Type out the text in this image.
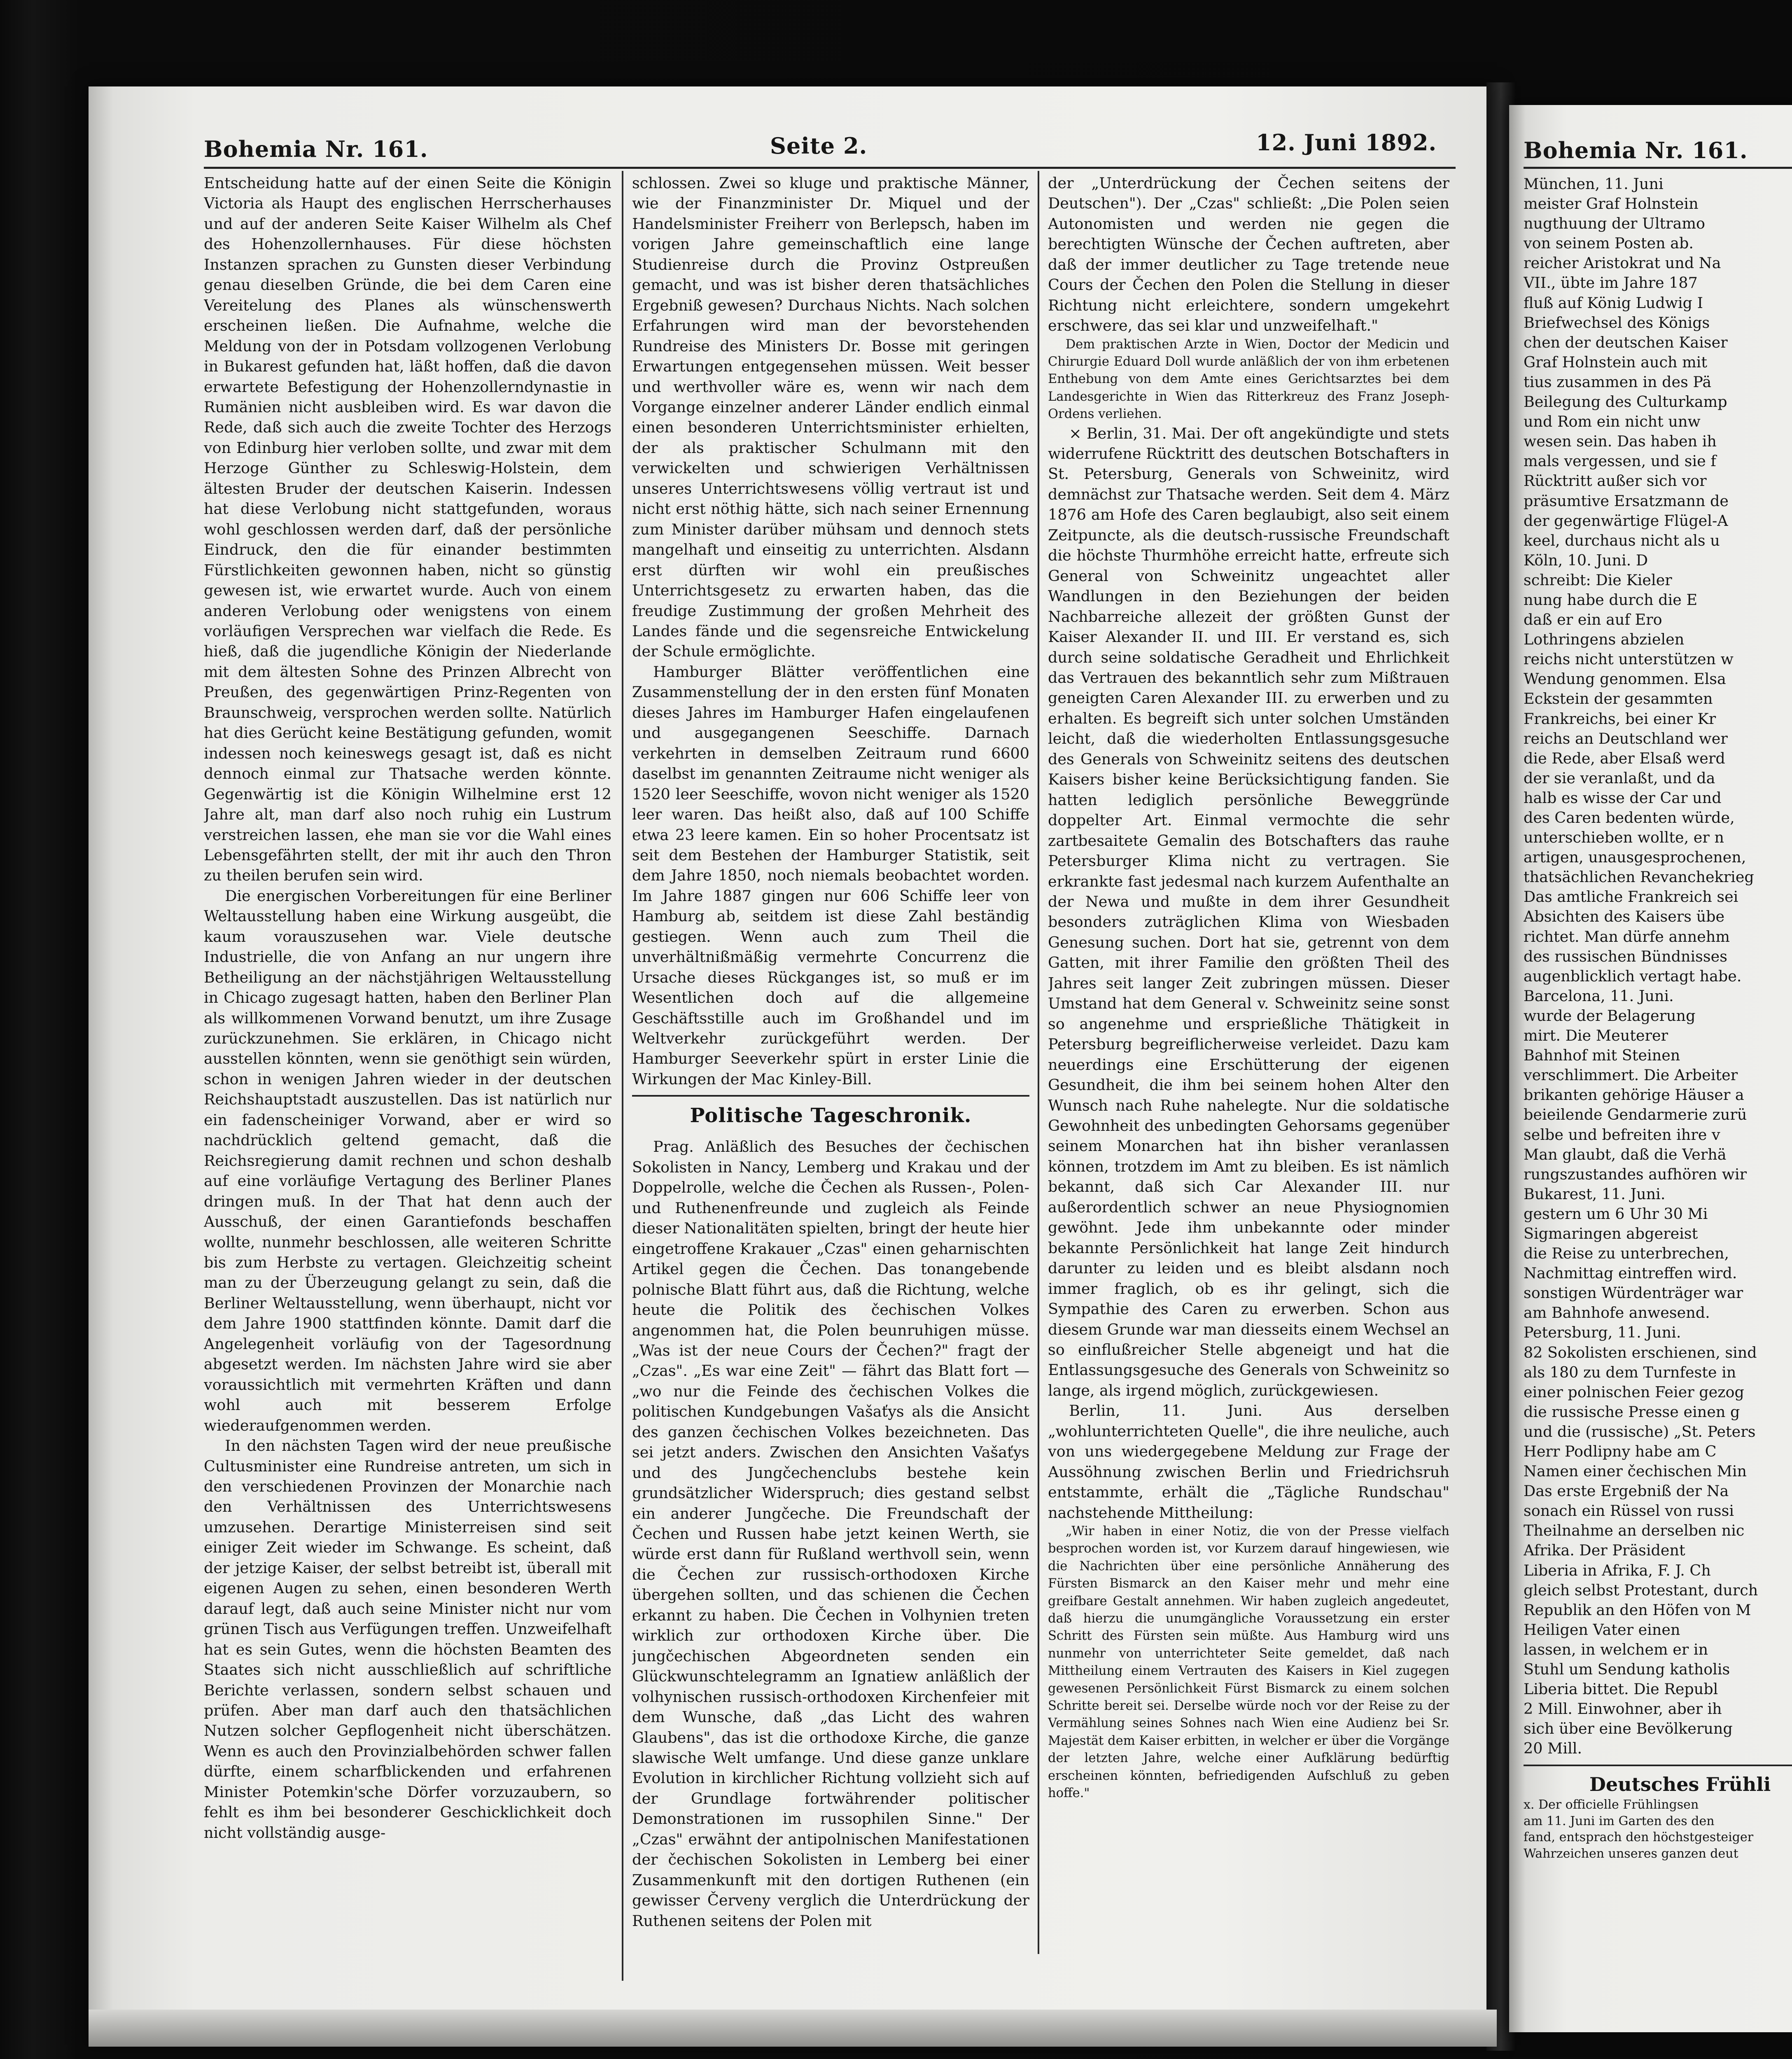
Bohemia Nr. 161.	Seite 2.	12. Juni 1892.

Entscheidung hatte auf der einen Seite die Königin Victoria als Haupt des englischen Herrscherhauses und auf der anderen Seite Kaiser Wilhelm als Chef des Hohenzollernhauses. Für diese höchsten Instanzen sprachen zu Gunsten dieser Verbindung genau dieselben Gründe, die bei dem Caren eine Vereitelung des Planes als wünschenswerth erscheinen ließen. Die Aufnahme, welche die Meldung von der in Potsdam vollzogenen Verlobung in Bukarest gefunden hat, läßt hoffen, daß die davon erwartete Befestigung der Hohenzollerndynastie in Rumänien nicht ausbleiben wird. Es war davon die Rede, daß sich auch die zweite Tochter des Herzogs von Edinburg hier verloben sollte, und zwar mit dem Herzoge Günther zu Schleswig-Holstein, dem ältesten Bruder der deutschen Kaiserin. Indessen hat diese Verlobung nicht stattgefunden, woraus wohl geschlossen werden darf, daß der persönliche Eindruck, den die für einander bestimmten Fürstlichkeiten gewonnen haben, nicht so günstig gewesen ist, wie erwartet wurde. Auch von einem anderen Verlobung oder wenigstens von einem vorläufigen Versprechen war vielfach die Rede. Es hieß, daß die jugendliche Königin der Niederlande mit dem ältesten Sohne des Prinzen Albrecht von Preußen, des gegenwärtigen Prinz-Regenten von Braunschweig, versprochen werden sollte. Natürlich hat dies Gerücht keine Bestätigung gefunden, womit indessen noch keineswegs gesagt ist, daß es nicht dennoch einmal zur Thatsache werden könnte. Gegenwärtig ist die Königin Wilhelmine erst 12 Jahre alt, man darf also noch ruhig ein Lustrum verstreichen lassen, ehe man sie vor die Wahl eines Lebensgefährten stellt, der mit ihr auch den Thron zu theilen berufen sein wird.

Die energischen Vorbereitungen für eine Berliner Weltausstellung haben eine Wirkung ausgeübt, die kaum vorauszusehen war. Viele deutsche Industrielle, die von Anfang an nur ungern ihre Betheiligung an der nächstjährigen Weltausstellung in Chicago zugesagt hatten, haben den Berliner Plan als willkommenen Vorwand benutzt, um ihre Zusage zurückzunehmen. Sie erklären, in Chicago nicht ausstellen könnten, wenn sie genöthigt sein würden, schon in wenigen Jahren wieder in der deutschen Reichshauptstadt auszustellen. Das ist natürlich nur ein fadenscheiniger Vorwand, aber er wird so nachdrücklich geltend gemacht, daß die Reichsregierung damit rechnen und schon deshalb auf eine vorläufige Vertagung des Berliner Planes dringen muß. In der That hat denn auch der Ausschuß, der einen Garantiefonds beschaffen wollte, nunmehr beschlossen, alle weiteren Schritte bis zum Herbste zu vertagen. Gleichzeitig scheint man zu der Überzeugung gelangt zu sein, daß die Berliner Weltausstellung, wenn überhaupt, nicht vor dem Jahre 1900 stattfinden könnte. Damit darf die Angelegenheit vorläufig von der Tagesordnung abgesetzt werden. Im nächsten Jahre wird sie aber voraussichtlich mit vermehrten Kräften und dann wohl auch mit besserem Erfolge wiederaufgenommen werden.

In den nächsten Tagen wird der neue preußische Cultusminister eine Rundreise antreten, um sich in den verschiedenen Provinzen der Monarchie nach den Verhältnissen des Unterrichtswesens umzusehen. Derartige Ministerreisen sind seit einiger Zeit wieder im Schwange. Es scheint, daß der jetzige Kaiser, der selbst betreibt ist, überall mit eigenen Augen zu sehen, einen besonderen Werth darauf legt, daß auch seine Minister nicht nur vom grünen Tisch aus Verfügungen treffen. Unzweifelhaft hat es sein Gutes, wenn die höchsten Beamten des Staates sich nicht ausschließlich auf schriftliche Berichte verlassen, sondern selbst schauen und prüfen. Aber man darf auch den thatsächlichen Nutzen solcher Gepflogenheit nicht überschätzen. Wenn es auch den Provinzialbehörden schwer fallen dürfte, einem scharfblickenden und erfahrenen Minister Potemkin'sche Dörfer vorzuzaubern, so fehlt es ihm bei besonderer Geschicklichkeit doch nicht vollständig ausge-

schlossen. Zwei so kluge und praktische Männer, wie der Finanzminister Dr. Miquel und der Handelsminister Freiherr von Berlepsch, haben im vorigen Jahre gemeinschaftlich eine lange Studienreise durch die Provinz Ostpreußen gemacht, und was ist bisher deren thatsächliches Ergebniß gewesen? Durchaus Nichts. Nach solchen Erfahrungen wird man der bevorstehenden Rundreise des Ministers Dr. Bosse mit geringen Erwartungen entgegensehen müssen. Weit besser und werthvoller wäre es, wenn wir nach dem Vorgange einzelner anderer Länder endlich einmal einen besonderen Unterrichtsminister erhielten, der als praktischer Schulmann mit den verwickelten und schwierigen Verhältnissen unseres Unterrichtswesens völlig vertraut ist und nicht erst nöthig hätte, sich nach seiner Ernennung zum Minister darüber mühsam und dennoch stets mangelhaft und einseitig zu unterrichten. Alsdann erst dürften wir wohl ein preußisches Unterrichtsgesetz zu erwarten haben, das die freudige Zustimmung der großen Mehrheit des Landes fände und die segensreiche Entwickelung der Schule ermöglichte.

Hamburger Blätter veröffentlichen eine Zusammenstellung der in den ersten fünf Monaten dieses Jahres im Hamburger Hafen eingelaufenen und ausgegangenen Seeschiffe. Darnach verkehrten in demselben Zeitraum rund 6600 daselbst im genannten Zeitraume nicht weniger als 1520 leer Seeschiffe, wovon nicht weniger als 1520 leer waren. Das heißt also, daß auf 100 Schiffe etwa 23 leere kamen. Ein so hoher Procentsatz ist seit dem Bestehen der Hamburger Statistik, seit dem Jahre 1850, noch niemals beobachtet worden. Im Jahre 1887 gingen nur 606 Schiffe leer von Hamburg ab, seitdem ist diese Zahl beständig gestiegen. Wenn auch zum Theil die unverhältnißmäßig vermehrte Concurrenz die Ursache dieses Rückganges ist, so muß er im Wesentlichen doch auf die allgemeine Geschäftsstille auch im Großhandel und im Weltverkehr zurückgeführt werden. Der Hamburger Seeverkehr spürt in erster Linie die Wirkungen der Mac Kinley-Bill.

Politische Tageschronik.

Prag. Anläßlich des Besuches der čechischen Sokolisten in Nancy, Lemberg und Krakau und der Doppelrolle, welche die Čechen als Russen-, Polen- und Ruthenenfreunde und zugleich als Feinde dieser Nationalitäten spielten, bringt der heute hier eingetroffene Krakauer „Czas" einen geharnischten Artikel gegen die Čechen. Das tonangebende polnische Blatt führt aus, daß die Richtung, welche heute die Politik des čechischen Volkes angenommen hat, die Polen beunruhigen müsse. „Was ist der neue Cours der Čechen?" fragt der „Czas". „Es war eine Zeit" — fährt das Blatt fort — „wo nur die Feinde des čechischen Volkes die politischen Kundgebungen Vašaťys als die Ansicht des ganzen čechischen Volkes bezeichneten. Das sei jetzt anders. Zwischen den Ansichten Vašaťys und des Jungčechenclubs bestehe kein grundsätzlicher Widerspruch; dies gestand selbst ein anderer Jungčeche. Die Freundschaft der Čechen und Russen habe jetzt keinen Werth, sie würde erst dann für Rußland werthvoll sein, wenn die Čechen zur russisch-orthodoxen Kirche übergehen sollten, und das schienen die Čechen erkannt zu haben. Die Čechen in Volhynien treten wirklich zur orthodoxen Kirche über. Die jungčechischen Abgeordneten senden ein Glückwunschtelegramm an Ignatiew anläßlich der volhynischen russisch-orthodoxen Kirchenfeier mit dem Wunsche, daß „das Licht des wahren Glaubens", das ist die orthodoxe Kirche, die ganze slawische Welt umfange. Und diese ganze unklare Evolution in kirchlicher Richtung vollzieht sich auf der Grundlage fortwährender politischer Demonstrationen im russophilen Sinne." Der „Czas" erwähnt der antipolnischen Manifestationen der čechischen Sokolisten in Lemberg bei einer Zusammenkunft mit den dortigen Ruthenen (ein gewisser Červeny verglich die Unterdrückung der Ruthenen seitens der Polen mit

der „Unterdrückung der Čechen seitens der Deutschen"). Der „Czas" schließt: „Die Polen seien Autonomisten und werden nie gegen die berechtigten Wünsche der Čechen auftreten, aber daß der immer deutlicher zu Tage tretende neue Cours der Čechen den Polen die Stellung in dieser Richtung nicht erleichtere, sondern umgekehrt erschwere, das sei klar und unzweifelhaft."

Dem praktischen Arzte in Wien, Doctor der Medicin und Chirurgie Eduard Doll wurde anläßlich der von ihm erbetenen Enthebung von dem Amte eines Gerichtsarztes bei dem Landesgerichte in Wien das Ritterkreuz des Franz Joseph-Ordens verliehen.

× Berlin, 31. Mai. Der oft angekündigte und stets widerrufene Rücktritt des deutschen Botschafters in St. Petersburg, Generals von Schweinitz, wird demnächst zur Thatsache werden. Seit dem 4. März 1876 am Hofe des Caren beglaubigt, also seit einem Zeitpuncte, als die deutsch-russische Freundschaft die höchste Thurmhöhe erreicht hatte, erfreute sich General von Schweinitz ungeachtet aller Wandlungen in den Beziehungen der beiden Nachbarreiche allezeit der größten Gunst der Kaiser Alexander II. und III. Er verstand es, sich durch seine soldatische Geradheit und Ehrlichkeit das Vertrauen des bekanntlich sehr zum Mißtrauen geneigten Caren Alexander III. zu erwerben und zu erhalten. Es begreift sich unter solchen Umständen leicht, daß die wiederholten Entlassungsgesuche des Generals von Schweinitz seitens des deutschen Kaisers bisher keine Berücksichtigung fanden. Sie hatten lediglich persönliche Beweggründe doppelter Art. Einmal vermochte die sehr zartbesaitete Gemalin des Botschafters das rauhe Petersburger Klima nicht zu vertragen. Sie erkrankte fast jedesmal nach kurzem Aufenthalte an der Newa und mußte in dem ihrer Gesundheit besonders zuträglichen Klima von Wiesbaden Genesung suchen. Dort hat sie, getrennt von dem Gatten, mit ihrer Familie den größten Theil des Jahres seit langer Zeit zubringen müssen. Dieser Umstand hat dem General v. Schweinitz seine sonst so angenehme und ersprießliche Thätigkeit in Petersburg begreiflicherweise verleidet. Dazu kam neuerdings eine Erschütterung der eigenen Gesundheit, die ihm bei seinem hohen Alter den Wunsch nach Ruhe nahelegte. Nur die soldatische Gewohnheit des unbedingten Gehorsams gegenüber seinem Monarchen hat ihn bisher veranlassen können, trotzdem im Amt zu bleiben. Es ist nämlich bekannt, daß sich Car Alexander III. nur außerordentlich schwer an neue Physiognomien gewöhnt. Jede ihm unbekannte oder minder bekannte Persönlichkeit hat lange Zeit hindurch darunter zu leiden und es bleibt alsdann noch immer fraglich, ob es ihr gelingt, sich die Sympathie des Caren zu erwerben. Schon aus diesem Grunde war man diesseits einem Wechsel an so einflußreicher Stelle abgeneigt und hat die Entlassungsgesuche des Generals von Schweinitz so lange, als irgend möglich, zurückgewiesen.

Berlin, 11. Juni. Aus derselben „wohlunterrichteten Quelle", die ihre neuliche, auch von uns wiedergegebene Meldung zur Frage der Aussöhnung zwischen Berlin und Friedrichsruh entstammte, erhält die „Tägliche Rundschau" nachstehende Mittheilung:

„Wir haben in einer Notiz, die von der Presse vielfach besprochen worden ist, vor Kurzem darauf hingewiesen, wie die Nachrichten über eine persönliche Annäherung des Fürsten Bismarck an den Kaiser mehr und mehr eine greifbare Gestalt annehmen. Wir haben zugleich angedeutet, daß hierzu die unumgängliche Voraussetzung ein erster Schritt des Fürsten sein müßte. Aus Hamburg wird uns nunmehr von unterrichteter Seite gemeldet, daß nach Mittheilung einem Vertrauten des Kaisers in Kiel zugegen gewesenen Persönlichkeit Fürst Bismarck zu einem solchen Schritte bereit sei. Derselbe würde noch vor der Reise zu der Vermählung seines Sohnes nach Wien eine Audienz bei Sr. Majestät dem Kaiser erbitten, in welcher er über die Vorgänge der letzten Jahre, welche einer Aufklärung bedürftig erscheinen könnten, befriedigenden Aufschluß zu geben hoffe."

Bohemia Nr. 161.
München, 11. Juni
meister Graf Holnstein
nugthuung der Ultramo
von seinem Posten ab.
reicher Aristokrat und Na
VII., übte im Jahre 187
fluß auf König Ludwig I
Briefwechsel des Königs
chen der deutschen Kaiser
Graf Holnstein auch mit
tius zusammen in des Pä
Beilegung des Culturkamp
und Rom ein nicht unw
wesen sein. Das haben ih
mals vergessen, und sie f
Rücktritt außer sich vor
präsumtive Ersatzmann de
der gegenwärtige Flügel-A
keel, durchaus nicht als u
Köln, 10. Juni. D
schreibt: Die Kieler
nung habe durch die E
daß er ein auf Ero
Lothringens abzielen
reichs nicht unterstützen w
Wendung genommen. Elsa
Eckstein der gesammten
Frankreichs, bei einer Kr
reichs an Deutschland wer
die Rede, aber Elsaß werd
der sie veranlaßt, und da
halb es wisse der Car und
des Caren bedenten würde,
unterschieben wollte, er n
artigen, unausgesprochenen,
thatsächlichen Revanchekrieg
Das amtliche Frankreich sei
Absichten des Kaisers übe
richtet. Man dürfe annehm
des russischen Bündnisses
augenblicklich vertagt habe.
Barcelona, 11. Juni.
wurde der Belagerung
mirt. Die Meuterer
Bahnhof mit Steinen
verschlimmert. Die Arbeiter
brikanten gehörige Häuser a
beieilende Gendarmerie zurü
selbe und befreiten ihre v
Man glaubt, daß die Verhä
rungszustandes aufhören wir
Bukarest, 11. Juni.
gestern um 6 Uhr 30 Mi
Sigmaringen abgereist
die Reise zu unterbrechen,
Nachmittag eintreffen wird.
sonstigen Würdenträger war
am Bahnhofe anwesend.
Petersburg, 11. Juni.
82 Sokolisten erschienen, sind
als 180 zu dem Turnfeste in
einer polnischen Feier gezog
die russische Presse einen g
und die (russische) „St. Peters
Herr Podlipny habe am C
Namen einer čechischen Min
Das erste Ergebniß der Na
sonach ein Rüssel von russi
Theilnahme an derselben nic
Afrika. Der Präsident
Liberia in Afrika, F. J. Ch
gleich selbst Protestant, durch
Republik an den Höfen von M
Heiligen Vater einen
lassen, in welchem er in
Stuhl um Sendung katholis
Liberia bittet. Die Republ
2 Mill. Einwohner, aber ih
sich über eine Bevölkerung
20 Mill.
Deutsches Frühli
x. Der officielle Frühlingsen
am 11. Juni im Garten des den
fand, entsprach den höchstgesteiger
Wahrzeichen unseres ganzen deut
